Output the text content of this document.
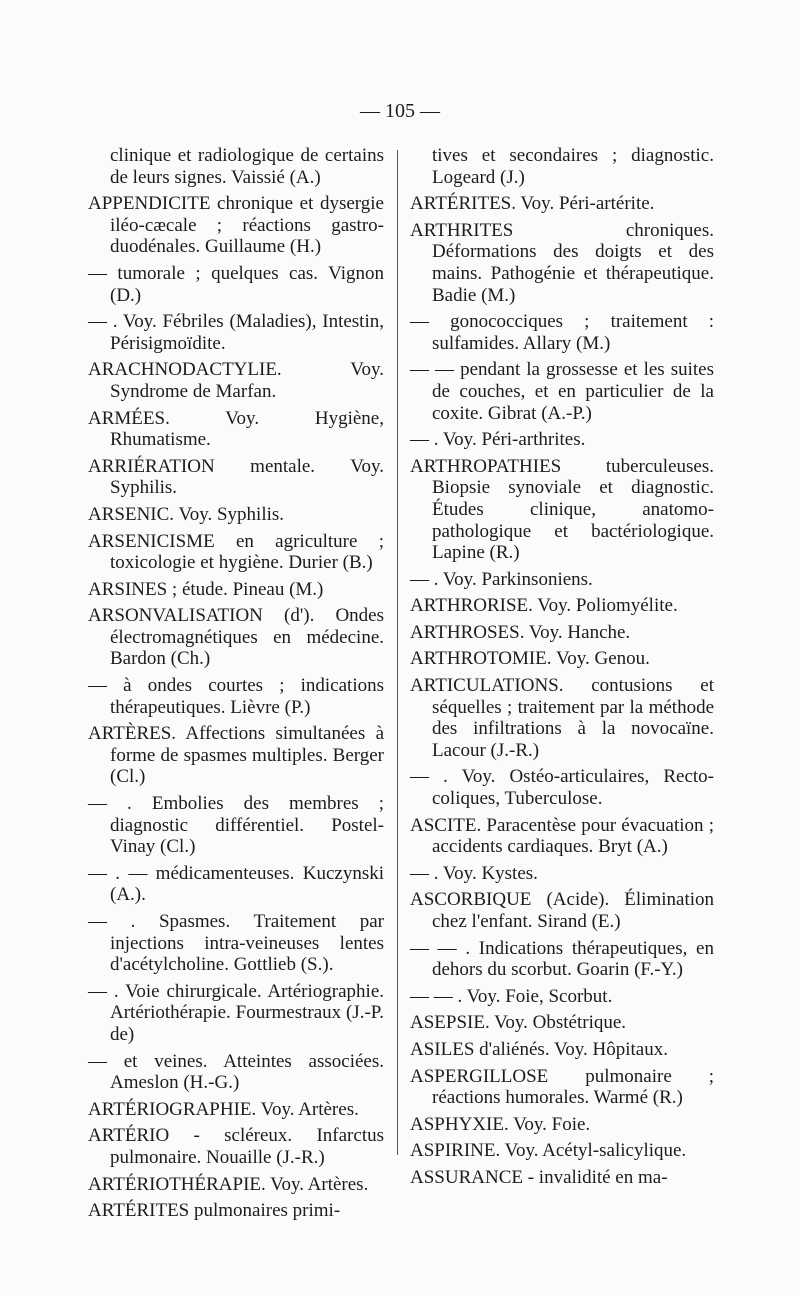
— 105 —

clinique et radiologique de certains de leurs signes. Vaissié (A.)

APPENDICITE chronique et dysergie iléo-cæcale ; réactions gastro-duodénales. Guillaume (H.)

— tumorale ; quelques cas. Vignon (D.)

— . Voy. Fébriles (Maladies), Intestin, Périsigmoïdite.

ARACHNODACTYLIE. Voy. Syndrome de Marfan.

ARMÉES. Voy. Hygiène, Rhumatisme.

ARRIÉRATION mentale. Voy. Syphilis.

ARSENIC. Voy. Syphilis.

ARSENICISME en agriculture ; toxicologie et hygiène. Durier (B.)

ARSINES ; étude. Pineau (M.)

ARSONVALISATION (d'). Ondes électromagnétiques en médecine. Bardon (Ch.)

— à ondes courtes ; indications thérapeutiques. Lièvre (P.)

ARTÈRES. Affections simultanées à forme de spasmes multiples. Berger (Cl.)

— . Embolies des membres ; diagnostic différentiel. Postel-Vinay (Cl.)

— . — médicamenteuses. Kuczynski (A.).

— . Spasmes. Traitement par injections intra-veineuses lentes d'acétylcholine. Gottlieb (S.).

— . Voie chirurgicale. Artériographie. Artériothérapie. Fourmestraux (J.-P. de)

— et veines. Atteintes associées. Ameslon (H.-G.)

ARTÉRIOGRAPHIE. Voy. Artères.

ARTÉRIO - scléreux. Infarctus pulmonaire. Nouaille (J.-R.)

ARTÉRIOTHÉRAPIE. Voy. Artères.

ARTÉRITES pulmonaires primi-

tives et secondaires ; diagnostic. Logeard (J.)

ARTÉRITES. Voy. Péri-artérite.

ARTHRITES chroniques. Déformations des doigts et des mains. Pathogénie et thérapeutique. Badie (M.)

— gonococciques ; traitement : sulfamides. Allary (M.)

— — pendant la grossesse et les suites de couches, et en particulier de la coxite. Gibrat (A.-P.)

— . Voy. Péri-arthrites.

ARTHROPATHIES tuberculeuses. Biopsie synoviale et diagnostic. Études clinique, anatomo-pathologique et bactériologique. Lapine (R.)

— . Voy. Parkinsoniens.

ARTHRORISE. Voy. Poliomyélite.

ARTHROSES. Voy. Hanche.

ARTHROTOMIE. Voy. Genou.

ARTICULATIONS. contusions et séquelles ; traitement par la méthode des infiltrations à la novocaïne. Lacour (J.-R.)

— . Voy. Ostéo-articulaires, Recto-coliques, Tuberculose.

ASCITE. Paracentèse pour évacuation ; accidents cardiaques. Bryt (A.)

— . Voy. Kystes.

ASCORBIQUE (Acide). Élimination chez l'enfant. Sirand (E.)

— — . Indications thérapeutiques, en dehors du scorbut. Goarin (F.-Y.)

— — . Voy. Foie, Scorbut.

ASEPSIE. Voy. Obstétrique.

ASILES d'aliénés. Voy. Hôpitaux.

ASPERGILLOSE pulmonaire ; réactions humorales. Warmé (R.)

ASPHYXIE. Voy. Foie.

ASPIRINE. Voy. Acétyl-salicylique.

ASSURANCE - invalidité en ma-
